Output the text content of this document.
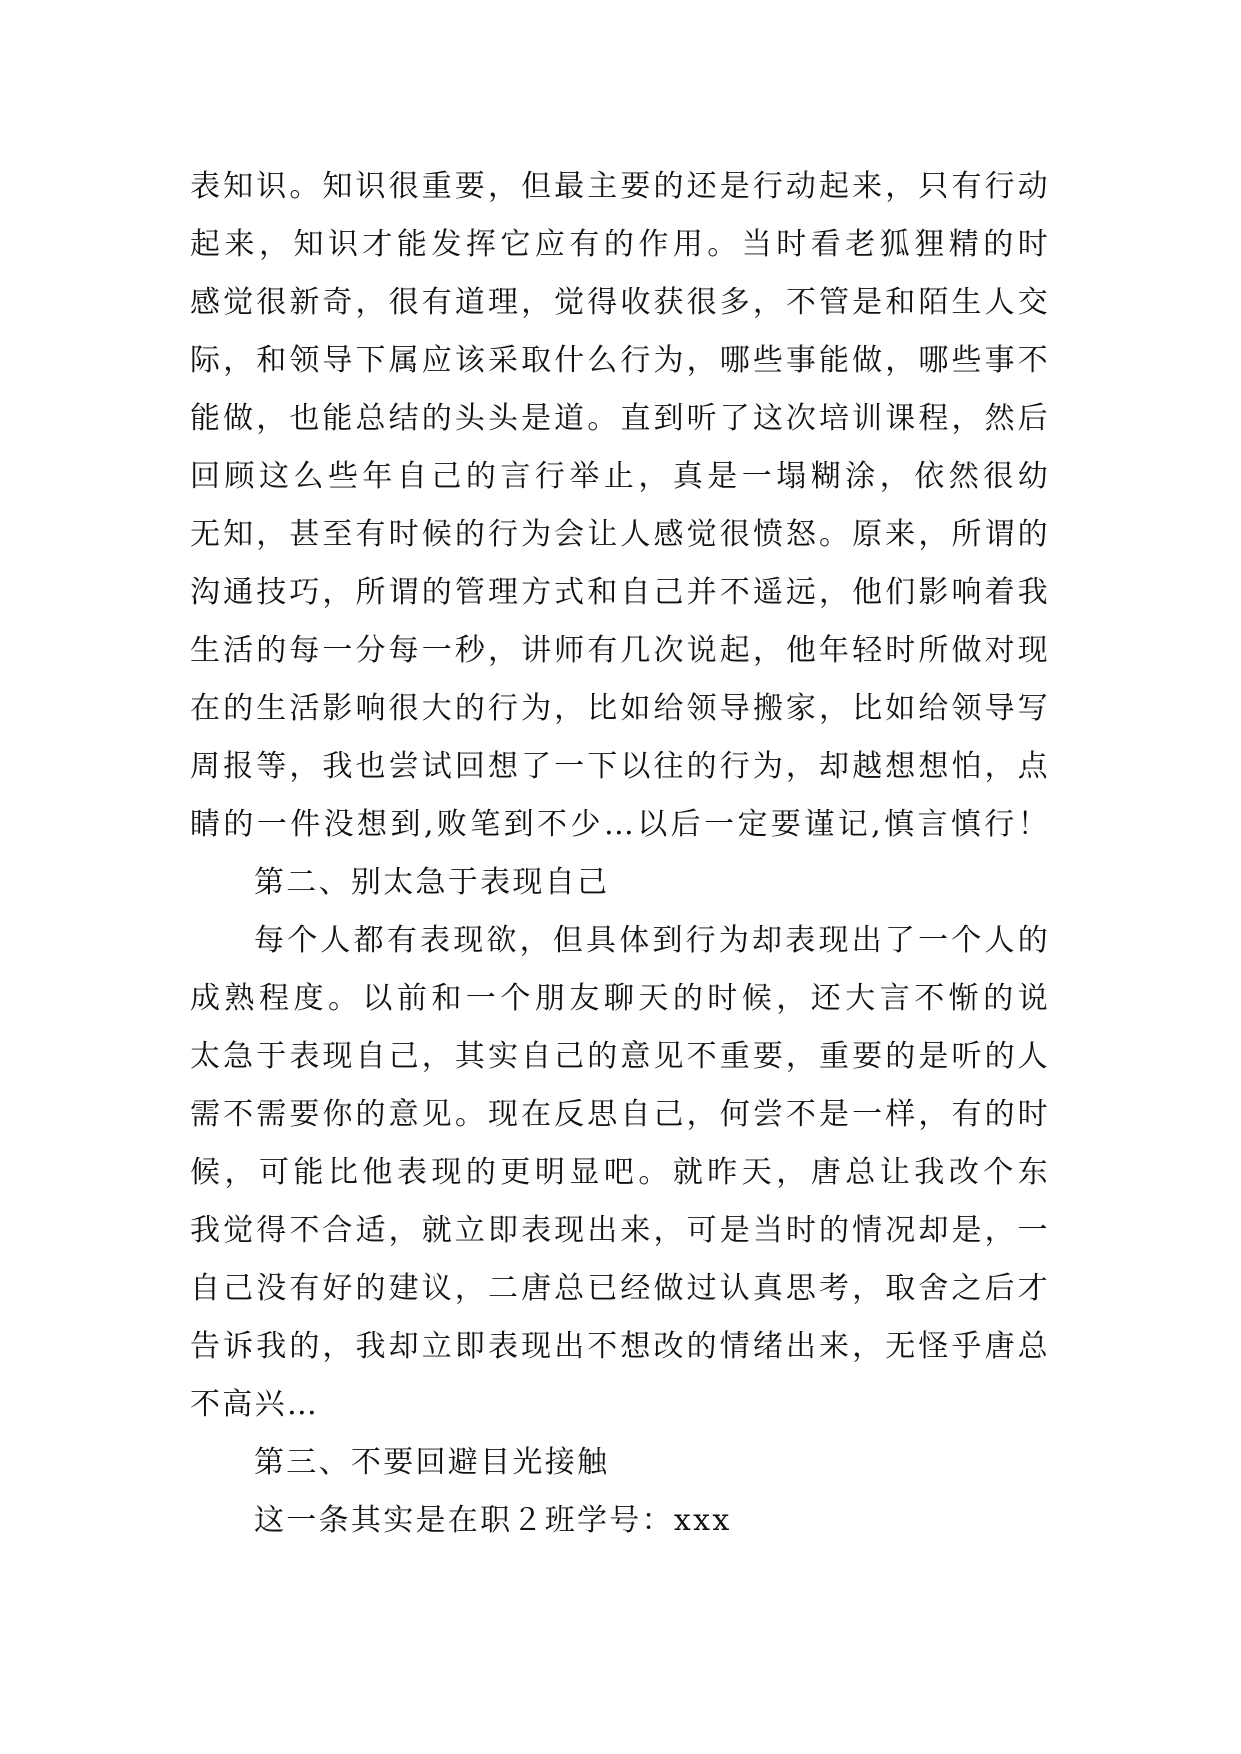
表知识。知识很重要，但最主要的还是行动起来，只有行动
起来，知识才能发挥它应有的作用。当时看老狐狸精的时
感觉很新奇，很有道理，觉得收获很多，不管是和陌生人交
际，和领导下属应该采取什么行为，哪些事能做，哪些事不
能做，也能总结的头头是道。直到听了这次培训课程，然后
回顾这么些年自己的言行举止，真是一塌糊涂，依然很幼
无知，甚至有时候的行为会让人感觉很愤怒。原来，所谓的
沟通技巧，所谓的管理方式和自己并不遥远，他们影响着我
生活的每一分每一秒，讲师有几次说起，他年轻时所做对现
在的生活影响很大的行为，比如给领导搬家，比如给领导写
周报等，我也尝试回想了一下以往的行为，却越想想怕，点
睛的一件没想到,败笔到不少…以后一定要谨记,慎言慎行！
第二、别太急于表现自己
每个人都有表现欲，但具体到行为却表现出了一个人的
成熟程度。以前和一个朋友聊天的时候，还大言不惭的说
太急于表现自己，其实自己的意见不重要，重要的是听的人
需不需要你的意见。现在反思自己，何尝不是一样，有的时
候，可能比他表现的更明显吧。就昨天，唐总让我改个东
我觉得不合适，就立即表现出来，可是当时的情况却是，一
自己没有好的建议，二唐总已经做过认真思考，取舍之后才
告诉我的，我却立即表现出不想改的情绪出来，无怪乎唐总
不高兴…
第三、不要回避目光接触
这一条其实是在职２班学号：xxx
